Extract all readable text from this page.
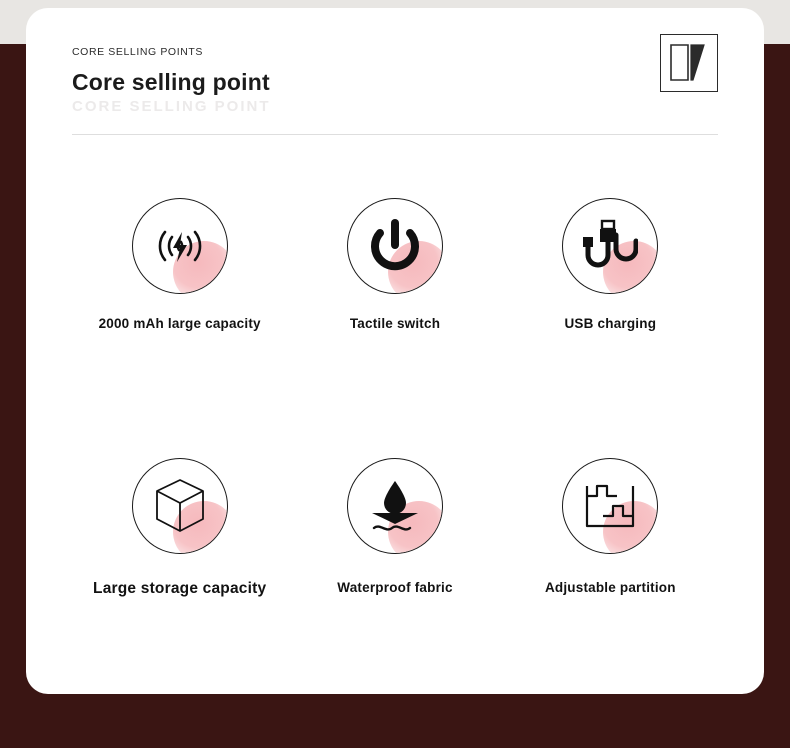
CORE SELLING POINTS

Core selling point

CORE SELLING POINT

2000 mAh large capacity	Tactile switch	USB charging
Large storage capacity	Waterproof fabric	Adjustable partition
